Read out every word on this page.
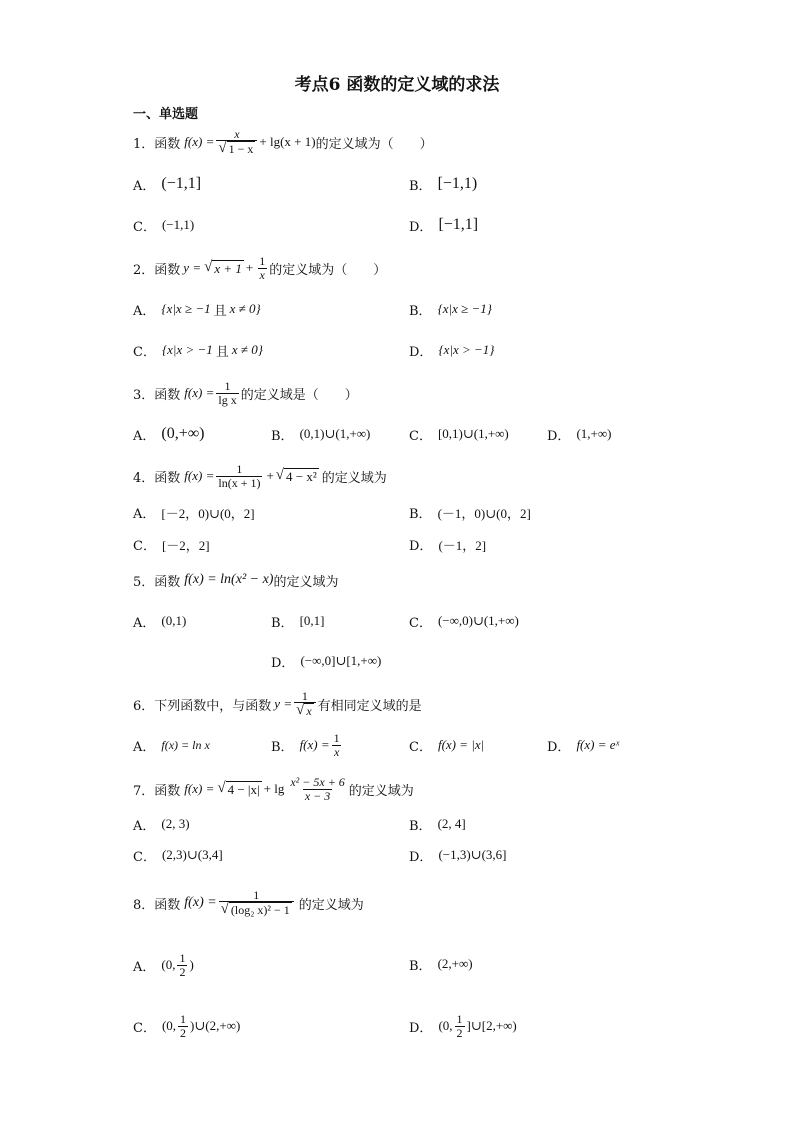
考点6 函数的定义域的求法
一、单选题
1． 函数 $f(x) = \frac{x}{√ 1 - x} + \lg(x + 1)$ 的定义域为（　　）
A． (−1,1]	B． [−1,1)
C． (−1,1)	D． [−1,1]
2． 函数 y = √ $x + 1 + \frac{1}{x}$ 的定义域为（　　）
A． {x|x ≥ −1 且 x ≠ 0}	B． {x|x ≥ −1}
C． {x|x > −1 且 x ≠ 0}	D． {x|x > −1}
3． 函数 $f(x) = \frac{1}{\text{lg x}}$ 的定义域是（　　）
A． (0,+∞)	B． (0,1)∪(1,+∞)	C． [0,1)∪(1,+∞)	D． (1,+∞)
4． 函数 $f(x) = \frac{1}{\ln(x + 1)}$ + √ 4 − x² 的定义域为
A． [－2，0)∪(0，2]	B． (－1，0)∪(0，2]
C． [－2，2]	D． (－1，2]
5． 函数 f(x) = ln(x² − x) 的定义域为
A． (0,1)	B． [0,1]	C． (−∞,0)∪(1,+∞)
D． (−∞,0]∪[1,+∞)
6． 下列函数中，与函数 $y = \frac{1}{√ x}$ 有相同定义域的是
A． f(x) = ln x	B． $f(x) = \frac{1}{x}$	C． f(x) = |x|	D． f(x) = eˣ
7． 函数 f(x) = √ $4 - |x| + \lg \frac{\text{x² − 5x + 6}}{x - 3}$ 的定义域为
A． (2, 3)	B． (2, 4]
C． (2,3)∪(3,4]	D． (−1,3)∪(3,6]
8． 函数 $f(x) = \frac{1}{\text{√ (log₂ x)² − 1}}$ 的定义域为
A． (0, $\frac{1}{2}$ )	B． (2,+∞)
C． (0, $\frac{1}{2}$ )∪(2,+∞)	D． (0, $\frac{1}{2}$ ]∪[2,+∞)
